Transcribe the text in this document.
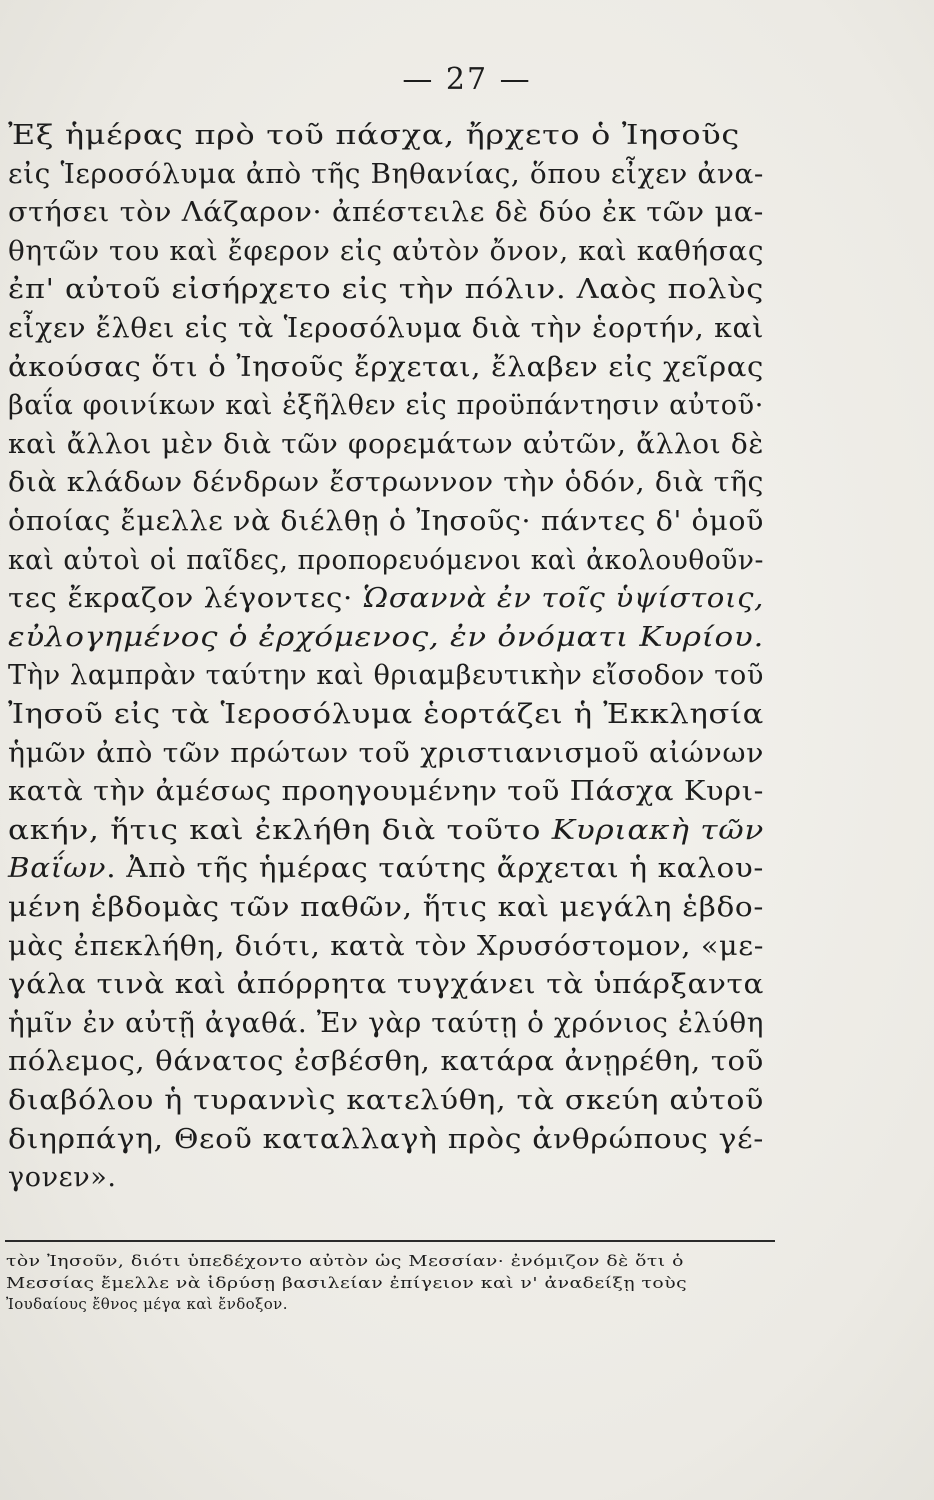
— 27 —
Ἐξ ἡμέρας πρὸ τοῦ πάσχα, ἤρχετο ὁ Ἰησοῦς
εἰς Ἱεροσόλυμα ἀπὸ τῆς Βηθανίας, ὅπου εἶχεν ἀνα-
στήσει τὸν Λάζαρον· ἀπέστειλε δὲ δύο ἐκ τῶν μα-
θητῶν του καὶ ἔφερον εἰς αὐτὸν ὄνον, καὶ καθήσας
ἐπ' αὐτοῦ εἰσήρχετο εἰς τὴν πόλιν. Λαὸς πολὺς
εἶχεν ἔλθει εἰς τὰ Ἱεροσόλυμα διὰ τὴν ἑορτήν, καὶ
ἀκούσας ὅτι ὁ Ἰησοῦς ἔρχεται, ἔλαβεν εἰς χεῖρας
βαΐα φοινίκων καὶ ἐξῆλθεν εἰς προϋπάντησιν αὐτοῦ·
καὶ ἄλλοι μὲν διὰ τῶν φορεμάτων αὐτῶν, ἄλλοι δὲ
διὰ κλάδων δένδρων ἔστρωννον τὴν ὁδόν, διὰ τῆς
ὁποίας ἔμελλε νὰ διέλθῃ ὁ Ἰησοῦς· πάντες δ' ὁμοῦ
καὶ αὐτοὶ οἱ παῖδες, προπορευόμενοι καὶ ἀκολουθοῦν-
τες ἔκραζον λέγοντες· Ὡσαννὰ ἐν τοῖς ὑψίστοις,
εὐλογημένος ὁ ἐρχόμενος, ἐν ὀνόματι Κυρίου.
Τὴν λαμπρὰν ταύτην καὶ θριαμβευτικὴν εἴσοδον τοῦ
Ἰησοῦ εἰς τὰ Ἱεροσόλυμα ἑορτάζει ἡ Ἐκκλησία
ἡμῶν ἀπὸ τῶν πρώτων τοῦ χριστιανισμοῦ αἰώνων
κατὰ τὴν ἀμέσως προηγουμένην τοῦ Πάσχα Κυρι-
ακήν, ἥτις καὶ ἐκλήθη διὰ τοῦτο Κυριακὴ τῶν
Βαΐων. Ἀπὸ τῆς ἡμέρας ταύτης ἄρχεται ἡ καλου-
μένη ἑβδομὰς τῶν παθῶν, ἥτις καὶ μεγάλη ἑβδο-
μὰς ἐπεκλήθη, διότι, κατὰ τὸν Χρυσόστομον, «με-
γάλα τινὰ καὶ ἀπόρρητα τυγχάνει τὰ ὑπάρξαντα
ἡμῖν ἐν αὐτῇ ἀγαθά. Ἐν γὰρ ταύτῃ ὁ χρόνιος ἐλύθη
πόλεμος, θάνατος ἐσβέσθη, κατάρα ἀνῃρέθη, τοῦ
διαβόλου ἡ τυραννὶς κατελύθη, τὰ σκεύη αὐτοῦ
διηρπάγη, Θεοῦ καταλλαγὴ πρὸς ἀνθρώπους γέ-
γονεν».
τὸν Ἰησοῦν, διότι ὑπεδέχοντο αὐτὸν ὡς Μεσσίαν· ἐνόμιζον δὲ ὅτι ὁ
Μεσσίας ἔμελλε νὰ ἱδρύσῃ βασιλείαν ἐπίγειον καὶ ν' ἀναδείξῃ τοὺς
Ἰουδαίους ἔθνος μέγα καὶ ἔνδοξον.
